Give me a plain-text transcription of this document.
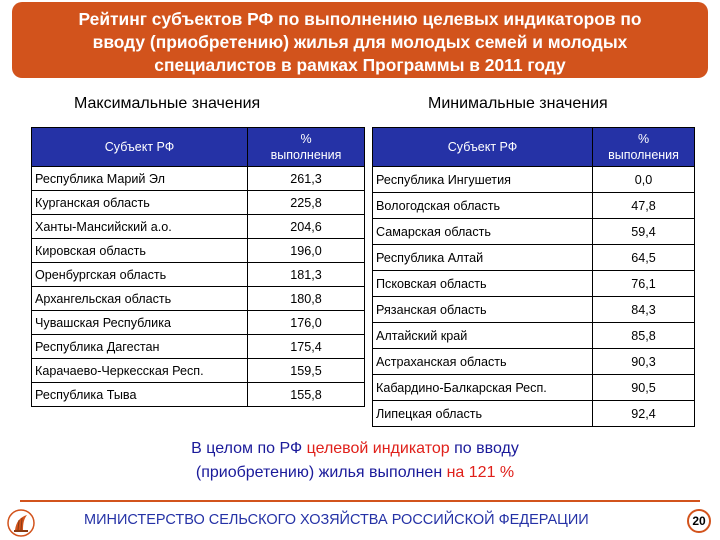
Рейтинг субъектов РФ по выполнению целевых индикаторов по
вводу (приобретению) жилья для молодых семей и молодых
специалистов в рамках Программы в 2011 году
Максимальные значения	Минимальные значения
Субъект РФ	%
выполнения
Республика Марий Эл	261,3
Курганская область	225,8
Ханты-Мансийский а.о.	204,6
Кировская область	196,0
Оренбургская область	181,3
Архангельская область	180,8
Чувашская Республика	176,0
Республика Дагестан	175,4
Карачаево-Черкесская Респ.	159,5
Республика Тыва	155,8
Субъект РФ	%
выполнения
Республика Ингушетия	0,0
Вологодская область	47,8
Самарская область	59,4
Республика Алтай	64,5
Псковская область	76,1
Рязанская область	84,3
Алтайский край	85,8
Астраханская область	90,3
Кабардино-Балкарская Респ.	90,5
Липецкая область	92,4
В целом по РФ целевой индикатор по вводу
(приобретению) жилья выполнен на 121 %
МИНИСТЕРСТВО СЕЛЬСКОГО ХОЗЯЙСТВА РОССИЙСКОЙ ФЕДЕРАЦИИ	20
